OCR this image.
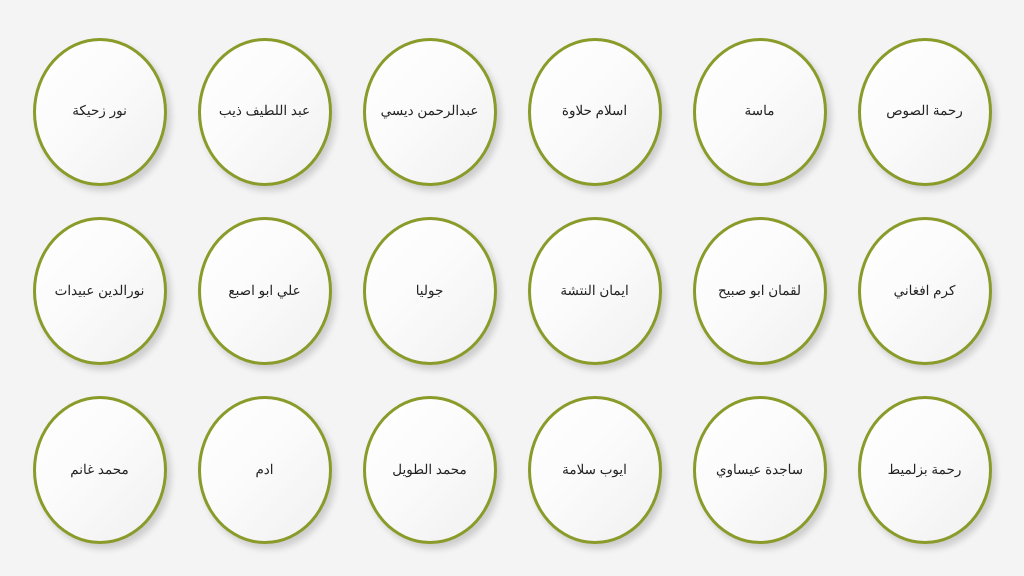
رحمة الصوص
ماسة
اسلام حلاوة
عبدالرحمن ديسي
عبد اللطيف ذيب
نور زحيكة
كرم افغاني
لقمان ابو صبيح
ايمان النتشة
جوليا
علي ابو اصبع
نورالدين عبيدات
رحمة بزلميط
ساجدة عيساوي
ايوب سلامة
محمد الطويل
ادم
محمد غانم
